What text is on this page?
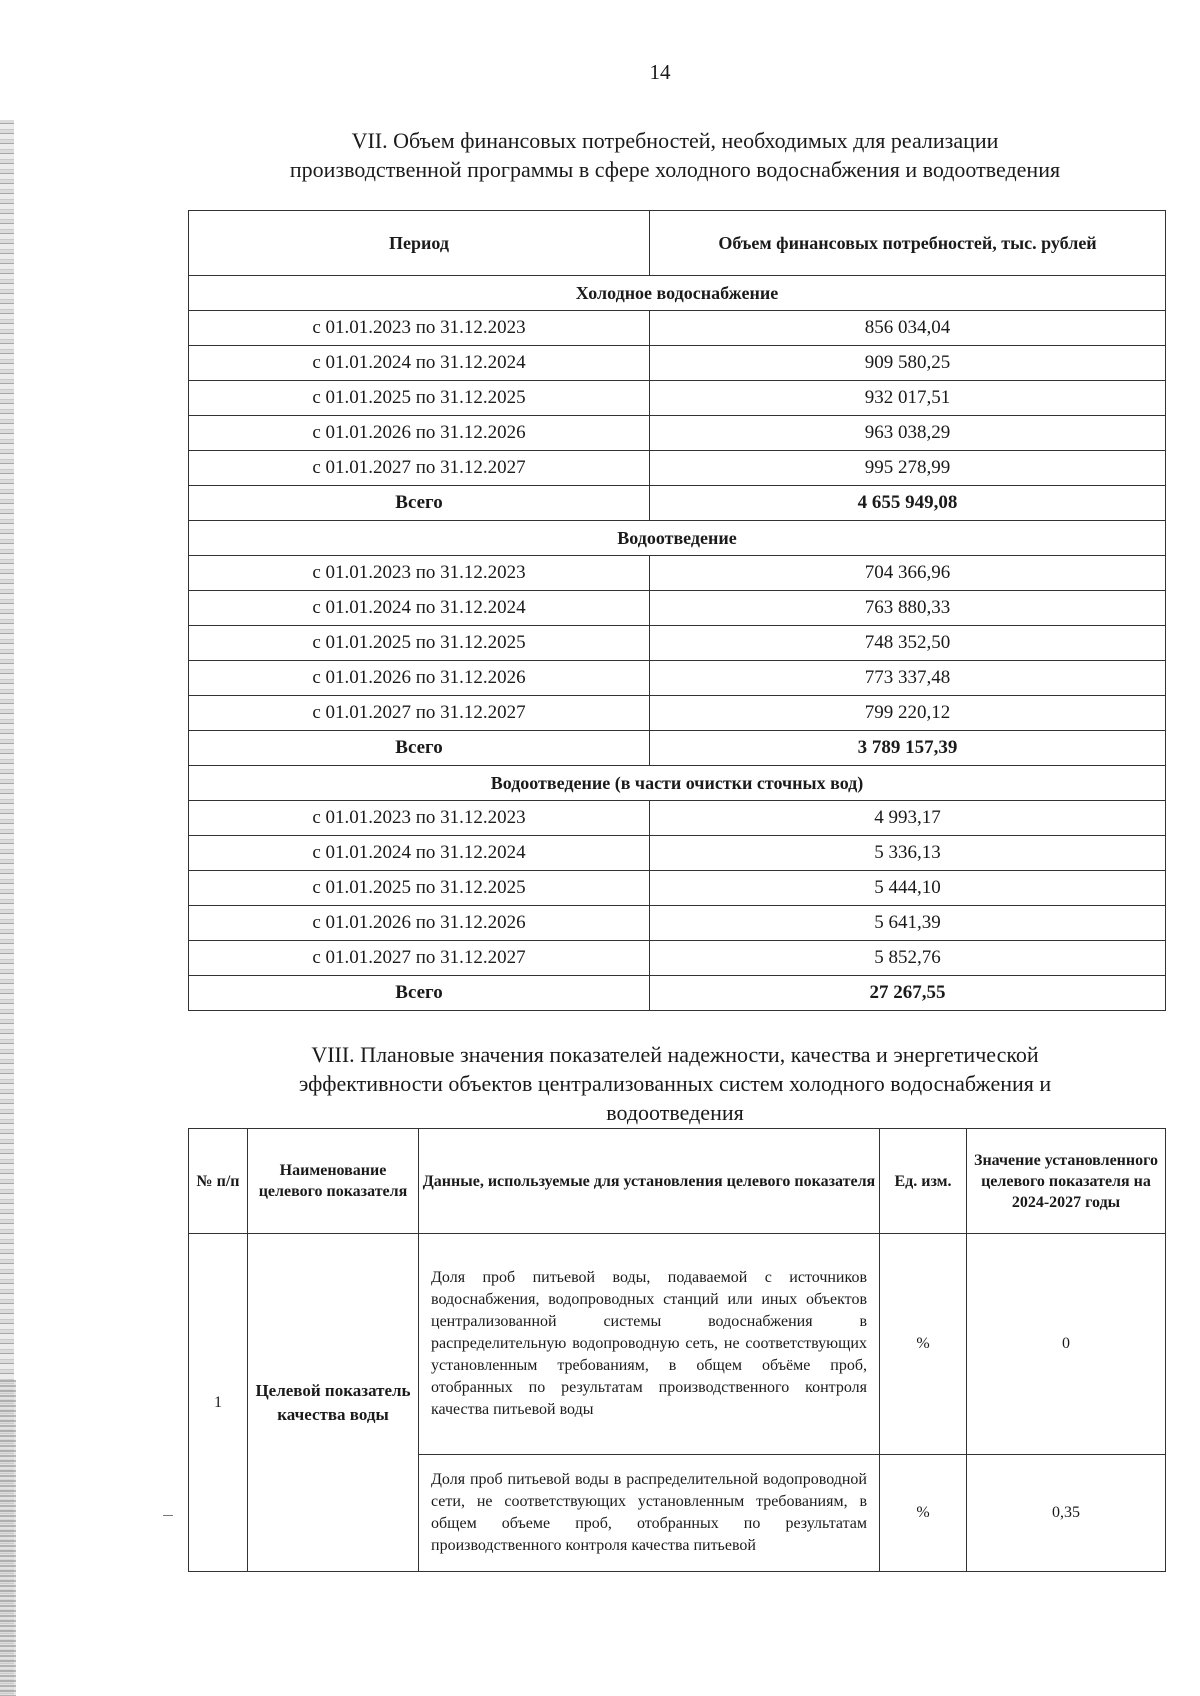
14
VII. Объем финансовых потребностей, необходимых для реализации
производственной программы в сфере холодного водоснабжения и водоотведения
Период	Объем финансовых потребностей, тыс. рублей
Холодное водоснабжение	
с 01.01.2023 по 31.12.2023	856 034,04
с 01.01.2024 по 31.12.2024	909 580,25
с 01.01.2025 по 31.12.2025	932 017,51
с 01.01.2026 по 31.12.2026	963 038,29
с 01.01.2027 по 31.12.2027	995 278,99
Всего	4 655 949,08
Водоотведение	
с 01.01.2023 по 31.12.2023	704 366,96
с 01.01.2024 по 31.12.2024	763 880,33
с 01.01.2025 по 31.12.2025	748 352,50
с 01.01.2026 по 31.12.2026	773 337,48
с 01.01.2027 по 31.12.2027	799 220,12
Всего	3 789 157,39
Водоотведение (в части очистки сточных вод)	
с 01.01.2023 по 31.12.2023	4 993,17
с 01.01.2024 по 31.12.2024	5 336,13
с 01.01.2025 по 31.12.2025	5 444,10
с 01.01.2026 по 31.12.2026	5 641,39
с 01.01.2027 по 31.12.2027	5 852,76
Всего	27 267,55
VIII. Плановые значения показателей надежности, качества и энергетической
эффективности объектов централизованных систем холодного водоснабжения и
водоотведения
№ п/п	Наименование целевого показателя	Данные, используемые для установления целевого показателя	Ед. изм.	Значение установленного целевого показателя на 2024-2027 годы
1	Целевой показатель качества воды	Доля проб питьевой воды, подаваемой с источников водоснабжения, водопроводных станций или иных объектов централизованной системы водоснабжения в распределительную водопроводную сеть, не соответствующих установленным требованиям, в общем объёме проб, отобранных по результатам производственного контроля качества питьевой воды	%	0

		Доля проб питьевой воды в распределительной водопроводной сети, не соответствующих установленным требованиям, в общем объеме проб, отобранных по результатам производственного контроля качества питьевой	%	0,35
